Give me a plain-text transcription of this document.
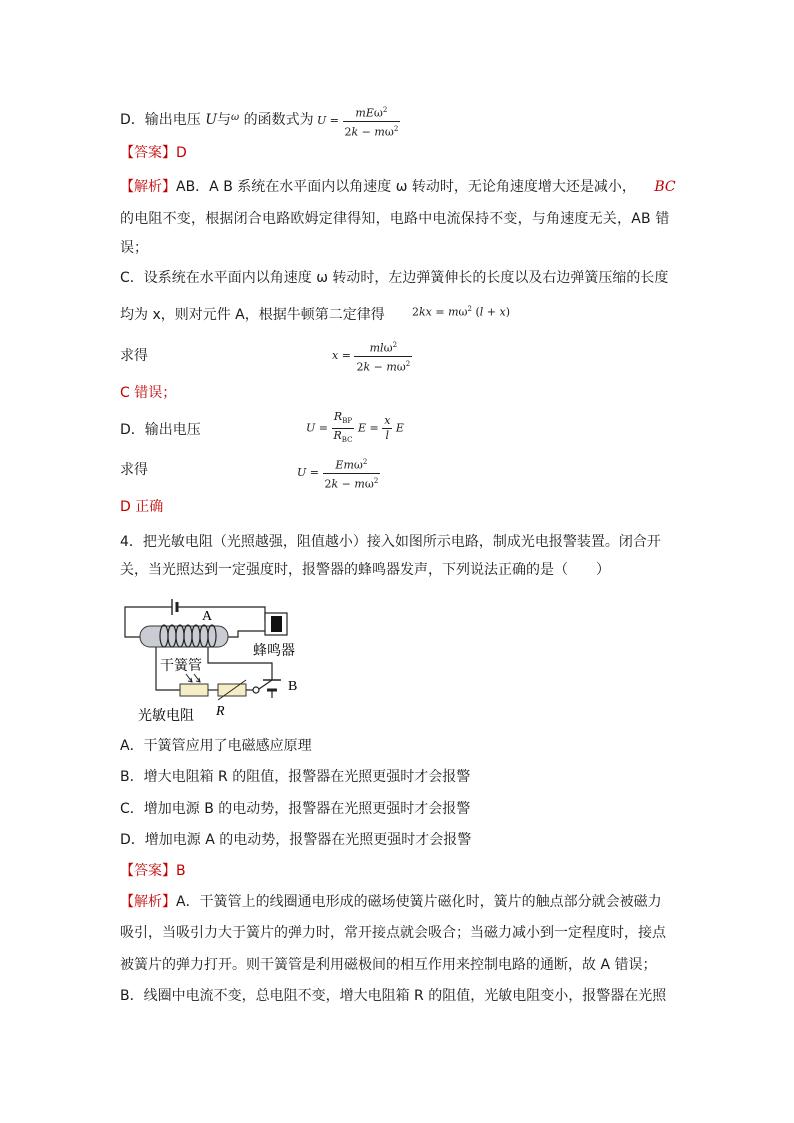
D．输出电压 U与$^\omega$ 的函数式为 $U = \frac{mE\omega^2}{2k - m\omega^2}$
【答案】D
【解析】AB．A B 系统在水平面内以角速度 ω 转动时，无论角速度增大还是减小， BC
的电阻不变，根据闭合电路欧姆定律得知，电路中电流保持不变，与角速度无关，AB 错
误；
C．设系统在水平面内以角速度 ω 转动时，左边弹簧伸长的长度以及右边弹簧压缩的长度
均为 x，则对元件 A，根据牛顿第二定律得 $2kx = m\omega^2$ (l + x)
求得	$x = \frac{ml\omega^2}{2k - m\omega^2}$
C 错误；
D．输出电压	$U = \frac{R_{BP}}{R_{BC}}$ $E = \frac{x}{l}$ E
求得	$U = \frac{Em\omega^2}{2k - m\omega^2}$
D 正确
4．把光敏电阻（光照越强，阻值越小）接入如图所示电路，制成光电报警装置。闭合开
关，当光照达到一定强度时，报警器的蜂鸣器发声，下列说法正确的是（　　）
A
蜂鸣器
干簧管
B
光敏电阻 R
A．干簧管应用了电磁感应原理
B．增大电阻箱 R 的阻值，报警器在光照更强时才会报警
C．增加电源 B 的电动势，报警器在光照更强时才会报警
D．增加电源 A 的电动势，报警器在光照更强时才会报警
【答案】B
【解析】A．干簧管上的线圈通电形成的磁场使簧片磁化时，簧片的触点部分就会被磁力
吸引，当吸引力大于簧片的弹力时，常开接点就会吸合；当磁力减小到一定程度时，接点
被簧片的弹力打开。则干簧管是利用磁极间的相互作用来控制电路的通断，故 A 错误；
B．线圈中电流不变，总电阻不变，增大电阻箱 R 的阻值，光敏电阻变小，报警器在光照
